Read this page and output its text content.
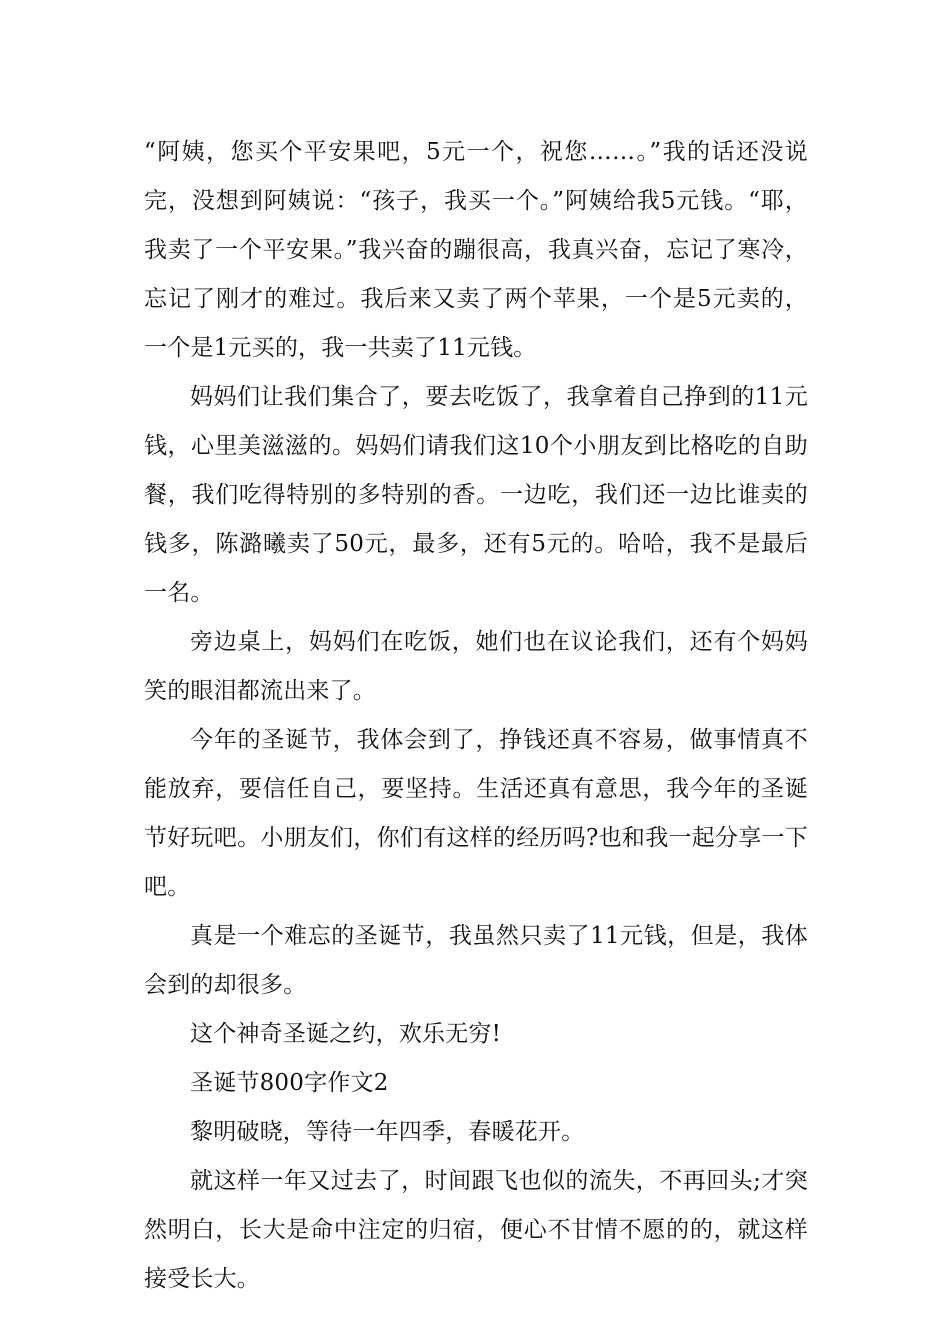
“阿姨，您买个平安果吧，5元一个，祝您……。”我的话还没说完，没想到阿姨说：“孩子，我买一个。”阿姨给我5元钱。“耶，我卖了一个平安果。”我兴奋的蹦很高，我真兴奋，忘记了寒冷，忘记了刚才的难过。我后来又卖了两个苹果，一个是5元卖的，一个是1元买的，我一共卖了11元钱。

妈妈们让我们集合了，要去吃饭了，我拿着自己挣到的11元钱，心里美滋滋的。妈妈们请我们这10个小朋友到比格吃的自助餐，我们吃得特别的多特别的香。一边吃，我们还一边比谁卖的钱多，陈潞曦卖了50元，最多，还有5元的。哈哈，我不是最后一名。

旁边桌上，妈妈们在吃饭，她们也在议论我们，还有个妈妈笑的眼泪都流出来了。

今年的圣诞节，我体会到了，挣钱还真不容易，做事情真不能放弃，要信任自己，要坚持。生活还真有意思，我今年的圣诞节好玩吧。小朋友们，你们有这样的经历吗?也和我一起分享一下吧。

真是一个难忘的圣诞节，我虽然只卖了11元钱，但是，我体会到的却很多。

这个神奇圣诞之约，欢乐无穷!

圣诞节800字作文2

黎明破晓，等待一年四季，春暖花开。

就这样一年又过去了，时间跟飞也似的流失，不再回头;才突然明白，长大是命中注定的归宿，便心不甘情不愿的的，就这样接受长大。
